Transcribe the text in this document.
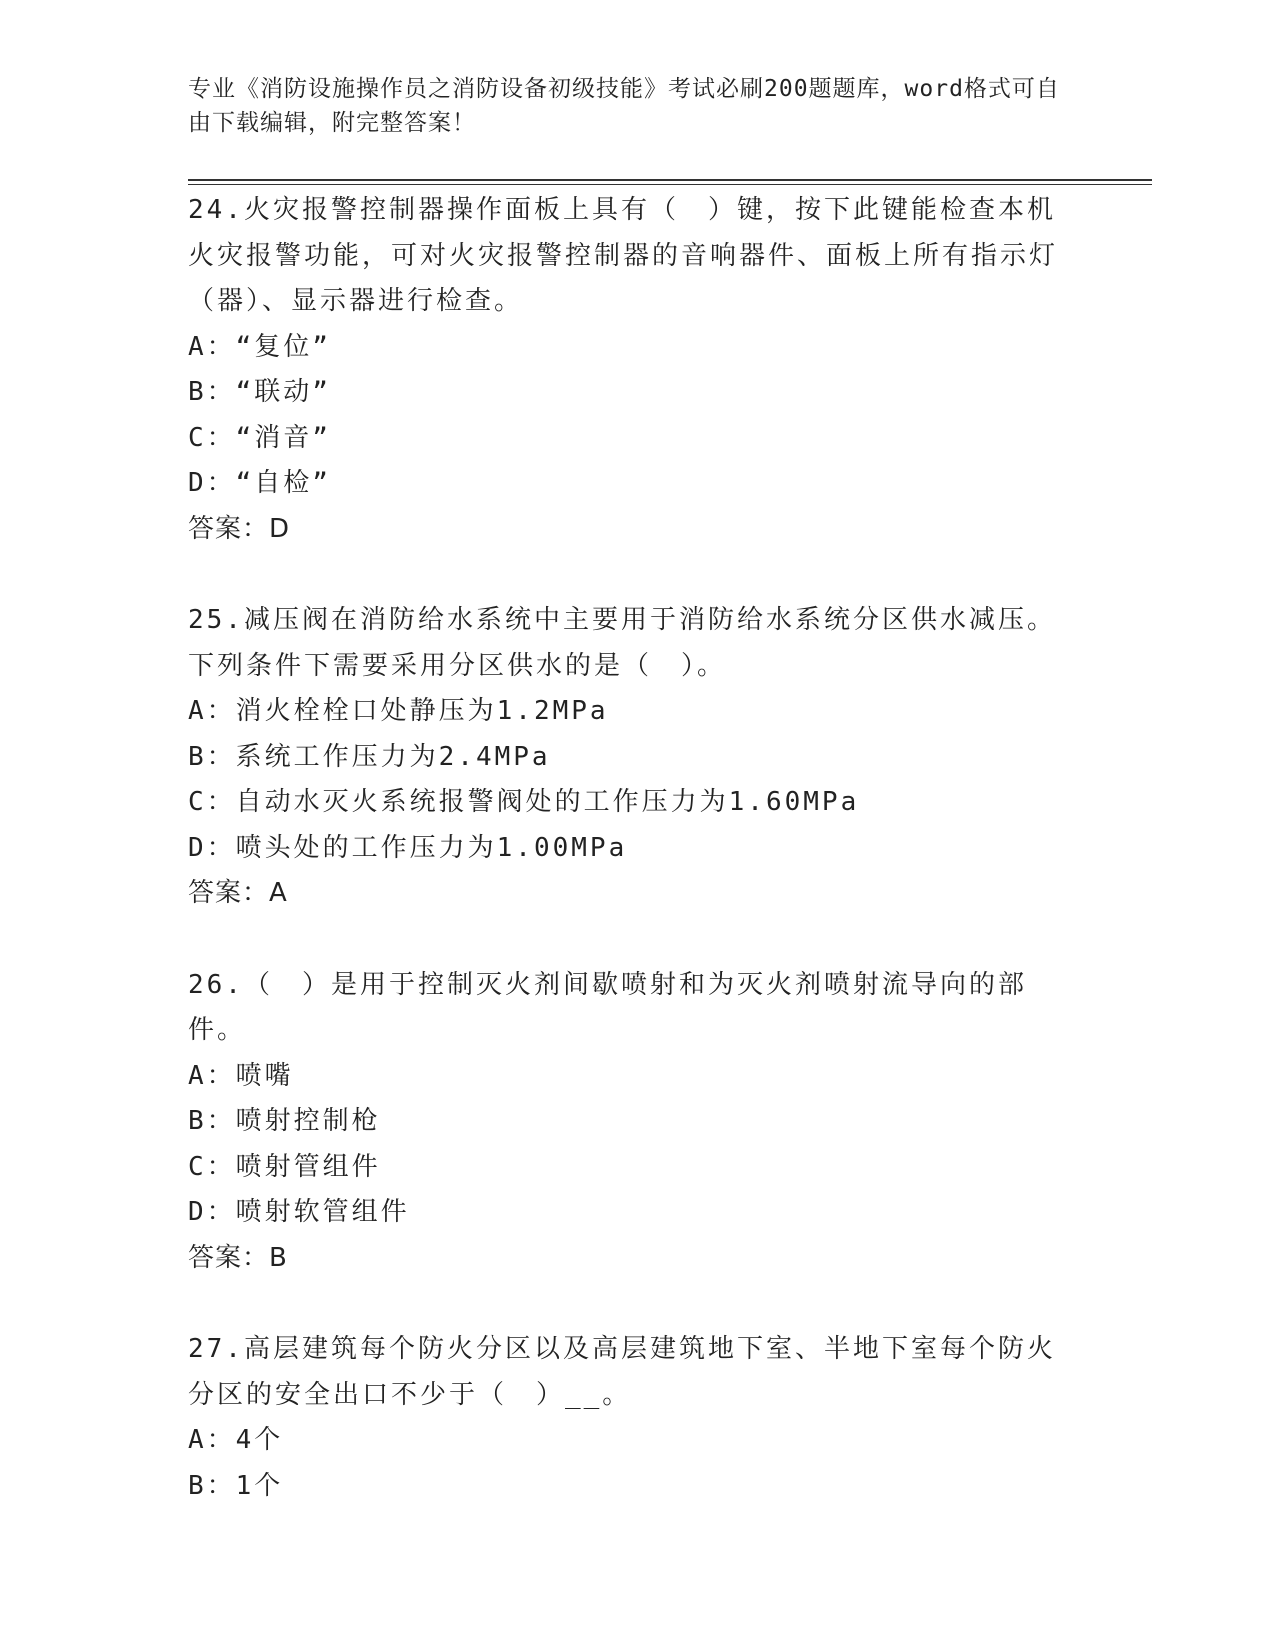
专业《消防设施操作员之消防设备初级技能》考试必刷200题题库，word格式可自由下载编辑，附完整答案！

24.火灾报警控制器操作面板上具有（　）键，按下此键能检查本机火灾报警功能，可对火灾报警控制器的音响器件、面板上所有指示灯（器）、显示器进行检查。

A：“复位”

B：“联动”

C：“消音”

D：“自检”

答案：D

25.减压阀在消防给水系统中主要用于消防给水系统分区供水减压。下列条件下需要采用分区供水的是（　）。

A：消火栓栓口处静压为1.2MPa

B：系统工作压力为2.4MPa

C：自动水灭火系统报警阀处的工作压力为1.60MPa

D：喷头处的工作压力为1.00MPa

答案：A

26.（　）是用于控制灭火剂间歇喷射和为灭火剂喷射流导向的部件。

A：喷嘴

B：喷射控制枪

C：喷射管组件

D：喷射软管组件

答案：B

27.高层建筑每个防火分区以及高层建筑地下室、半地下室每个防火分区的安全出口不少于（　）__。

A：4个

B：1个
